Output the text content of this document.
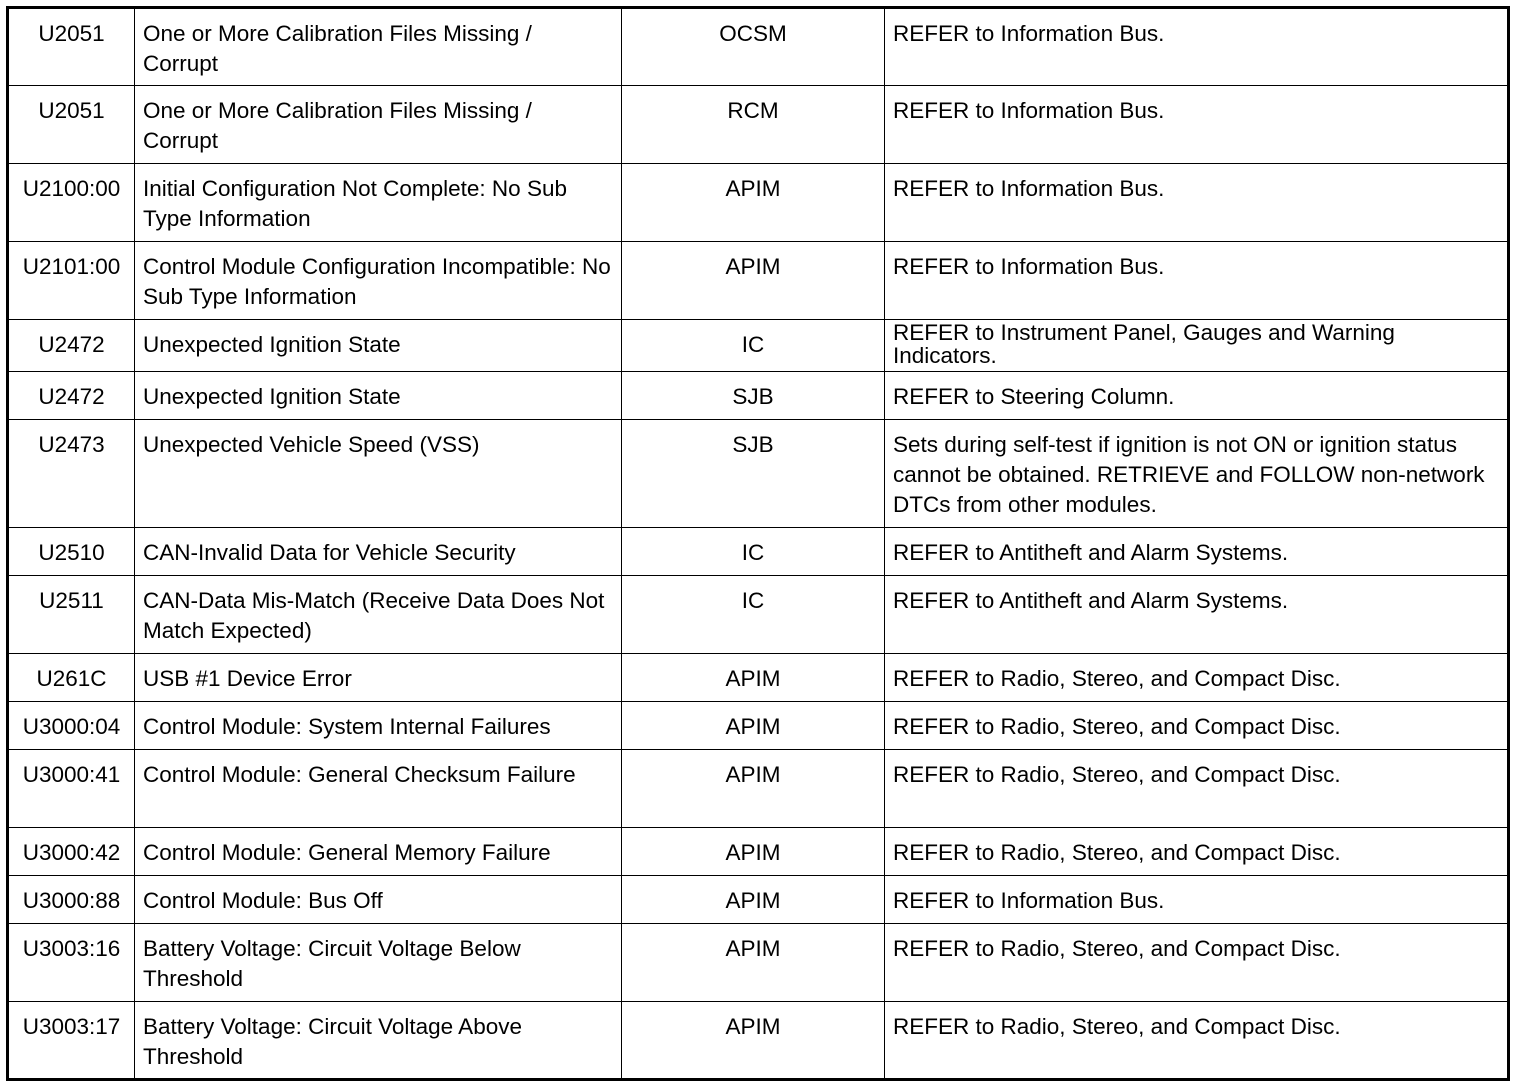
U2051	One or More Calibration Files Missing / Corrupt	OCSM	REFER to Information Bus.
U2051	One or More Calibration Files Missing / Corrupt	RCM	REFER to Information Bus.
U2100:00	Initial Configuration Not Complete: No Sub Type Information	APIM	REFER to Information Bus.
U2101:00	Control Module Configuration Incompatible: No Sub Type Information	APIM	REFER to Information Bus.
U2472	Unexpected Ignition State	IC	REFER to Instrument Panel, Gauges and Warning Indicators.
U2472	Unexpected Ignition State	SJB	REFER to Steering Column.
U2473	Unexpected Vehicle Speed (VSS)	SJB	Sets during self-test if ignition is not ON or ignition status cannot be obtained. RETRIEVE and FOLLOW non-network DTCs from other modules.
U2510	CAN-Invalid Data for Vehicle Security	IC	REFER to Antitheft and Alarm Systems.
U2511	CAN-Data Mis-Match (Receive Data Does Not Match Expected)	IC	REFER to Antitheft and Alarm Systems.
U261C	USB #1 Device Error	APIM	REFER to Radio, Stereo, and Compact Disc.
U3000:04	Control Module: System Internal Failures	APIM	REFER to Radio, Stereo, and Compact Disc.
U3000:41	Control Module: General Checksum Failure	APIM	REFER to Radio, Stereo, and Compact Disc.
U3000:42	Control Module: General Memory Failure	APIM	REFER to Radio, Stereo, and Compact Disc.
U3000:88	Control Module: Bus Off	APIM	REFER to Information Bus.
U3003:16	Battery Voltage: Circuit Voltage Below Threshold	APIM	REFER to Radio, Stereo, and Compact Disc.
U3003:17	Battery Voltage: Circuit Voltage Above Threshold	APIM	REFER to Radio, Stereo, and Compact Disc.
